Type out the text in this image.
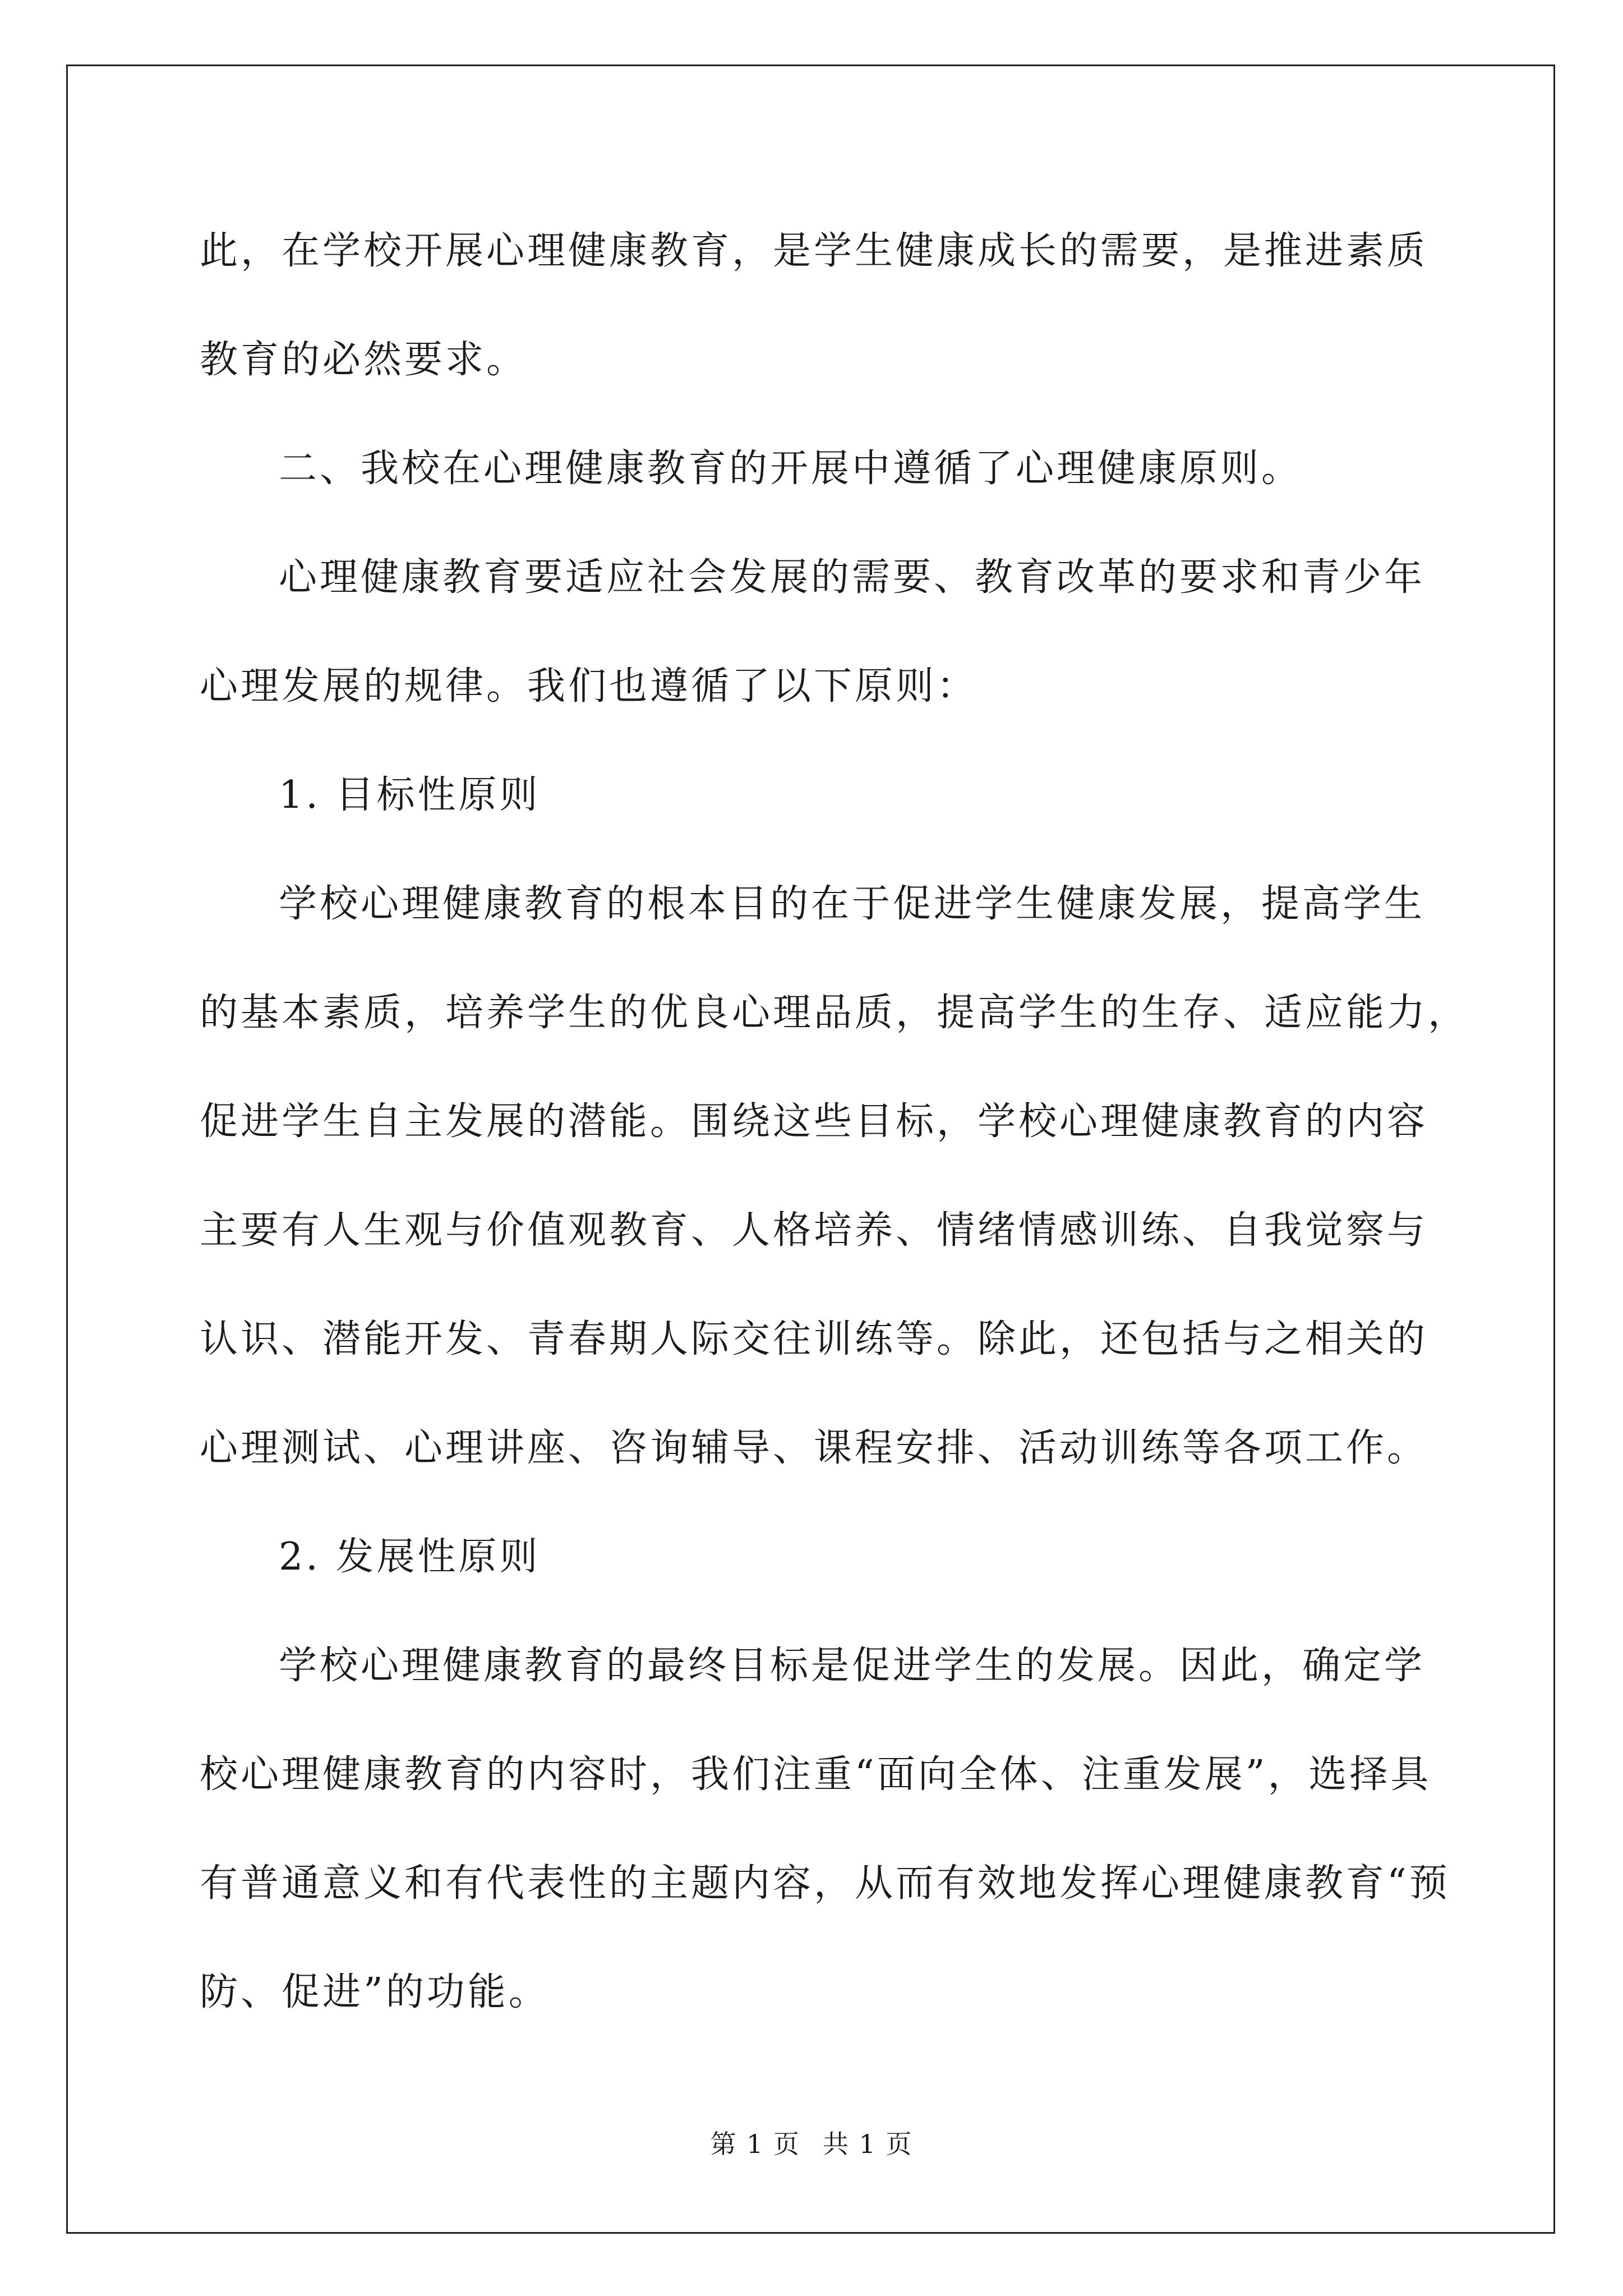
此，在学校开展心理健康教育，是学生健康成长的需要，是推进素质
教育的必然要求。
二、我校在心理健康教育的开展中遵循了心理健康原则。
心理健康教育要适应社会发展的需要、教育改革的要求和青少年
心理发展的规律。我们也遵循了以下原则：
1. 目标性原则
学校心理健康教育的根本目的在于促进学生健康发展，提高学生
的基本素质，培养学生的优良心理品质，提高学生的生存、适应能力，
促进学生自主发展的潜能。围绕这些目标，学校心理健康教育的内容
主要有人生观与价值观教育、人格培养、情绪情感训练、自我觉察与
认识、潜能开发、青春期人际交往训练等。除此，还包括与之相关的
心理测试、心理讲座、咨询辅导、课程安排、活动训练等各项工作。
2. 发展性原则
学校心理健康教育的最终目标是促进学生的发展。因此，确定学
校心理健康教育的内容时，我们注重“面向全体、注重发展”，选择具
有普通意义和有代表性的主题内容，从而有效地发挥心理健康教育“预
防、促进”的功能。
第 1 页 共 1 页
